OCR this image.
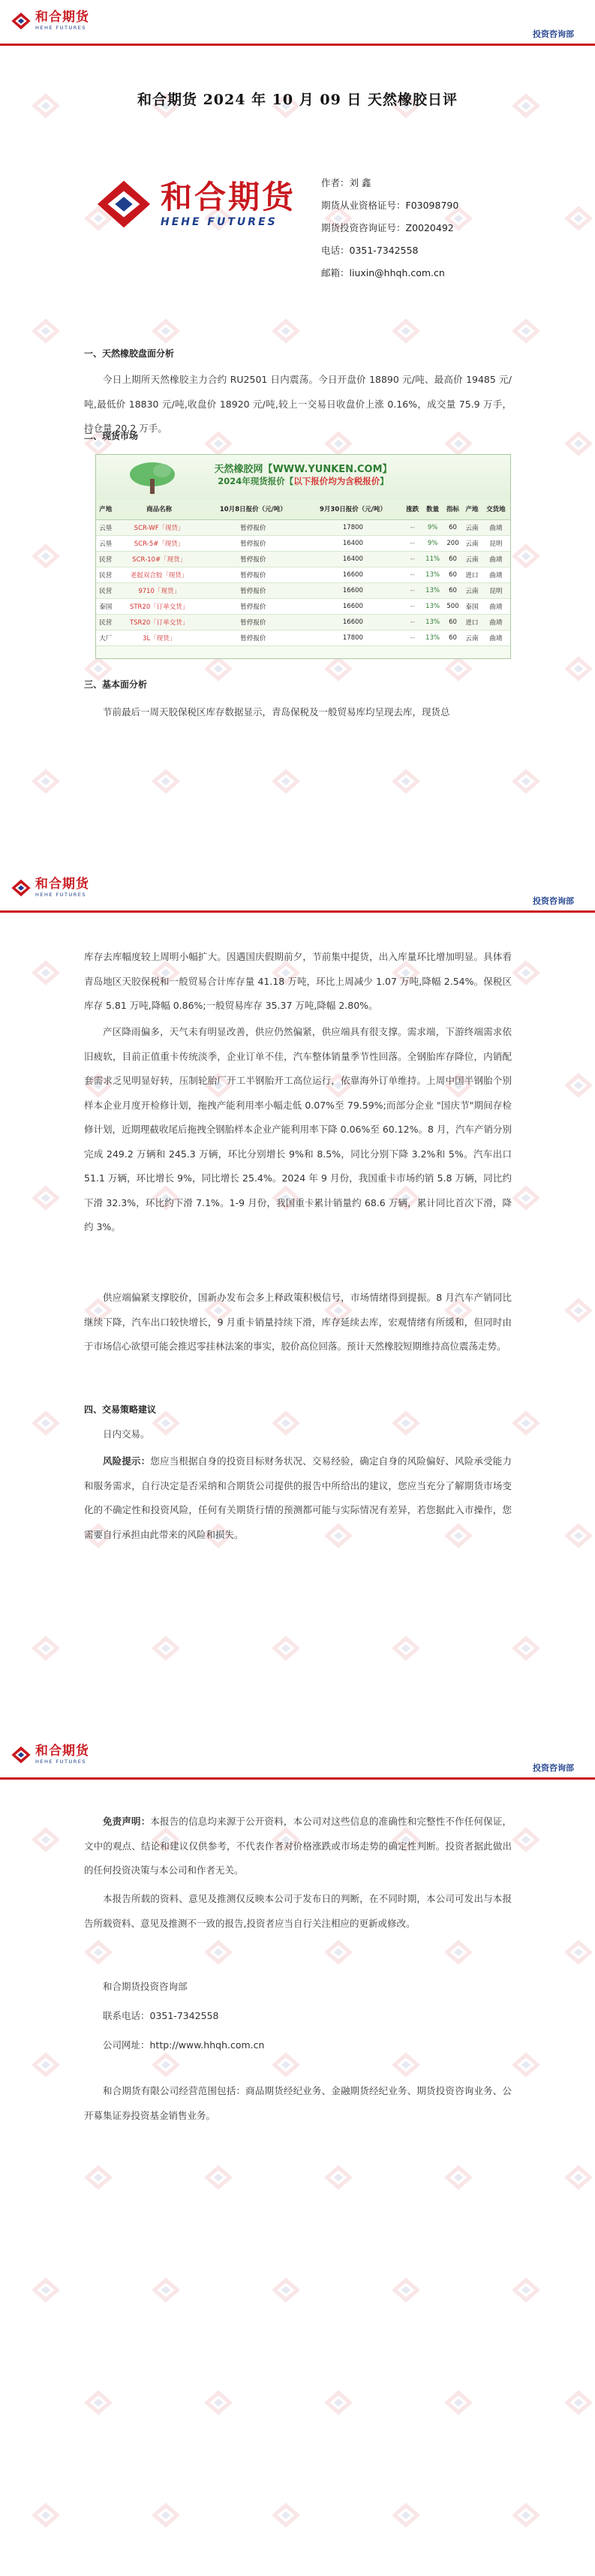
和合期货
HEHE FUTURES
投资咨询部
和合期货 2024 年 10 月 09 日 天然橡胶日评
和合期货
HEHE FUTURES
作者：刘 鑫
期货从业资格证号：F03098790
期货投资咨询证号：Z0020492
电话：0351-7342558
邮箱：liuxin@hhqh.com.cn
一、天然橡胶盘面分析
今日上期所天然橡胶主力合约 RU2501 日内震荡。今日开盘价 18890 元/吨、最高价 19485 元/吨,最低价 18830 元/吨,收盘价 18920 元/吨,较上一交易日收盘价上涨 0.16%，成交量 75.9 万手，持仓量 20.2 万手。
二、现货市场
天然橡胶网【WWW.YUNKEN.COM】
2024年现货报价【以下报价均为含税报价】
产地	商品名称	10月8日报价（元/吨）	9月30日报价（元/吨）	涨跌	数量	指标	产地	交货地
云垦	SCR-WF「现货」	暂停报价	17800	--	9%	60	云南	曲靖
云垦	SCR-5#「现货」	暂停报价	16400	--	9%	200	云南	昆明
民营	SCR-10#「现货」	暂停报价	16400	--	11%	60	云南	曲靖
民营	老挝双合胶「现货」	暂停报价	16600	--	13%	60	进口	曲靖
民营	9710「现货」	暂停报价	16600	--	13%	60	云南	昆明
泰国	STR20「订单交货」	暂停报价	16600	--	13%	500	泰国	曲靖
民营	TSR20「订单交货」	暂停报价	16600	--	13%	60	进口	曲靖
大厂	3L「现货」	暂停报价	17800	--	13%	60	云南	曲靖
三、基本面分析
节前最后一周天胶保税区库存数据显示，青岛保税及一般贸易库均呈现去库，现货总
和合期货
HEHE FUTURES
投资咨询部
库存去库幅度较上周明小幅扩大。因遇国庆假期前夕，节前集中提货，出入库量环比增加明显。具体看青岛地区天胶保税和一般贸易合计库存量 41.18 万吨，环比上周减少 1.07 万吨,降幅 2.54%。保税区库存 5.81 万吨,降幅 0.86%;一般贸易库存 35.37 万吨,降幅 2.80%。
产区降雨偏多，天气未有明显改善，供应仍然偏紧，供应端具有很支撑。需求端，下游终端需求依旧疲软，目前正值重卡传统淡季，企业订单不佳，汽车整体销量季节性回落。全钢胎库存降位，内销配套需求乏见明显好转，压制轮胎厂开工半钢胎开工高位运行，依靠海外订单维持。上周中国半钢胎个别样本企业月度开检修计划，拖拽产能利用率小幅走低 0.07%至 79.59%;而部分企业 "国庆节"期间存检修计划，近期理截收尾后拖拽全钢胎样本企业产能利用率下降 0.06%至 60.12%。8 月，汽车产销分别完成 249.2 万辆和 245.3 万辆，环比分别增长 9%和 8.5%，同比分别下降 3.2%和 5%。汽车出口 51.1 万辆，环比增长 9%，同比增长 25.4%。2024 年 9 月份，我国重卡市场约销 5.8 万辆，同比约下滑 32.3%，环比约下滑 7.1%。1-9 月份，我国重卡累计销量约 68.6 万辆，累计同比首次下滑，降约 3%。
供应端偏紧支撑胶价，国新办发布会多上释政策积极信号，市场情绪得到提振。8 月汽车产销同比继续下降，汽车出口较快增长，9 月重卡销量持续下滑，库存延续去库，宏观情绪有所缓和，但同时由于市场信心欲望可能会推迟零挂林法案的事实，胶价高位回落。预计天然橡胶短期维持高位震荡走势。
四、交易策略建议
日内交易。
风险提示：您应当根据自身的投资目标财务状况、交易经验，确定自身的风险偏好、风险承受能力和服务需求，自行决定是否采纳和合期货公司提供的报告中所给出的建议，您应当充分了解期货市场变化的不确定性和投资风险，任何有关期货行情的预测都可能与实际情况有差异，若您据此入市操作，您需要自行承担由此带来的风险和损失。
和合期货
HEHE FUTURES
投资咨询部
免责声明：本报告的信息均来源于公开资料，本公司对这些信息的准确性和完整性不作任何保证，文中的观点、结论和建议仅供参考，不代表作者对价格涨跌或市场走势的确定性判断。投资者据此做出的任何投资决策与本公司和作者无关。
本报告所载的资料、意见及推测仅反映本公司于发布日的判断，在不同时期，本公司可发出与本报告所载资料、意见及推测不一致的报告,投资者应当自行关注相应的更新或修改。
和合期货投资咨询部
联系电话：0351-7342558
公司网址：http://www.hhqh.com.cn
和合期货有限公司经营范围包括：商品期货经纪业务、金融期货经纪业务、期货投资咨询业务、公开募集证券投资基金销售业务。
